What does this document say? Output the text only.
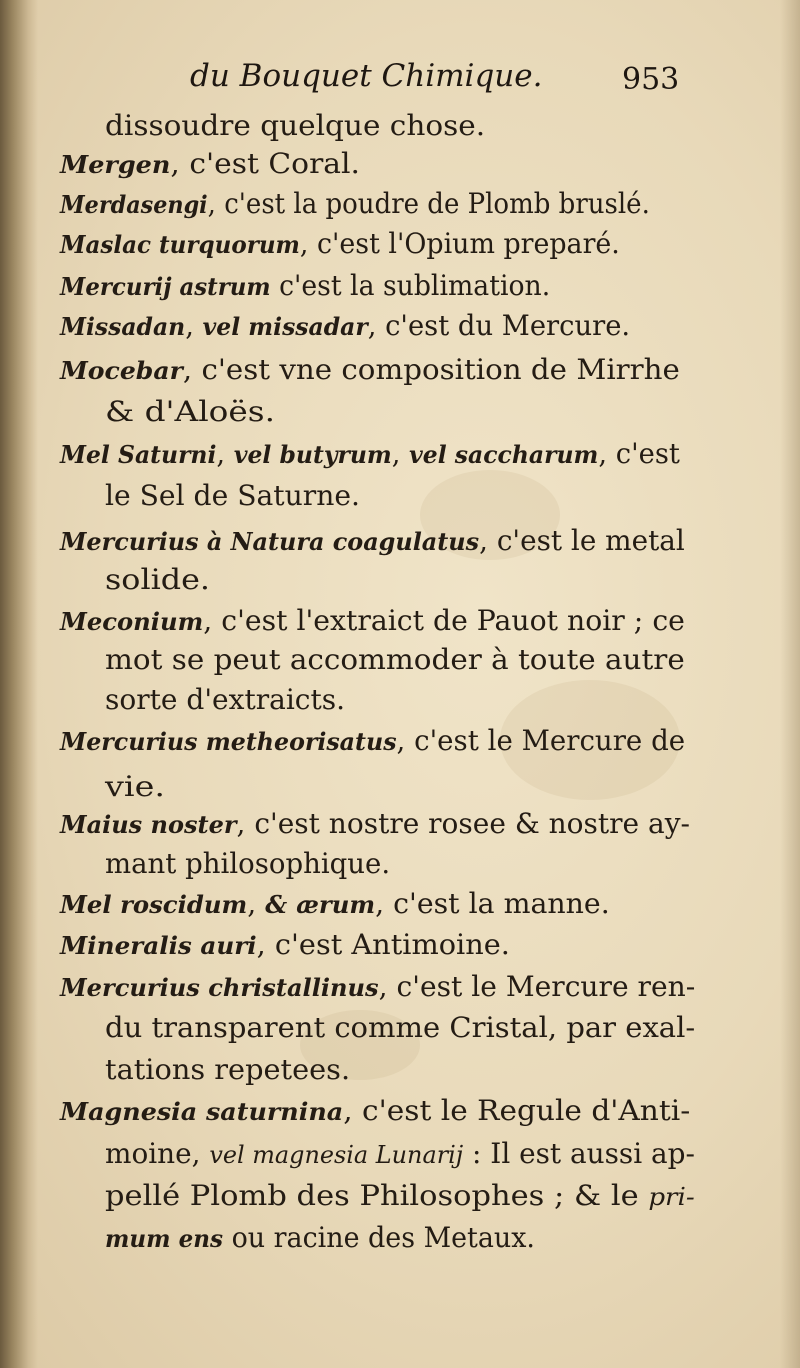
du Bouquet Chimique.	953
dissoudre quelque chose.
Mergen, c'est Coral.
Merdasengi, c'est la poudre de Plomb bruslé.
Maslac turquorum, c'est l'Opium preparé.
Mercurij astrum c'est la sublimation.
Missadan, vel missadar, c'est du Mercure.
Mocebar, c'est vne composition de Mirrhe
& d'Aloës.
Mel Saturni, vel butyrum, vel saccharum, c'est
le Sel de Saturne.
Mercurius à Natura coagulatus, c'est le metal
solide.
Meconium, c'est l'extraict de Pauot noir ; ce
mot se peut accommoder à toute autre
sorte d'extraicts.
Mercurius metheorisatus, c'est le Mercure de
vie.
Maius noster, c'est nostre rosee & nostre ay-
mant philosophique.
Mel roscidum, & ærum, c'est la manne.
Mineralis auri, c'est Antimoine.
Mercurius christallinus, c'est le Mercure ren-
du transparent comme Cristal, par exal-
tations repetees.
Magnesia saturnina, c'est le Regule d'Anti-
moine, vel magnesia Lunarij : Il est aussi ap-
pellé Plomb des Philosophes ; & le pri-
mum ens ou racine des Metaux.
